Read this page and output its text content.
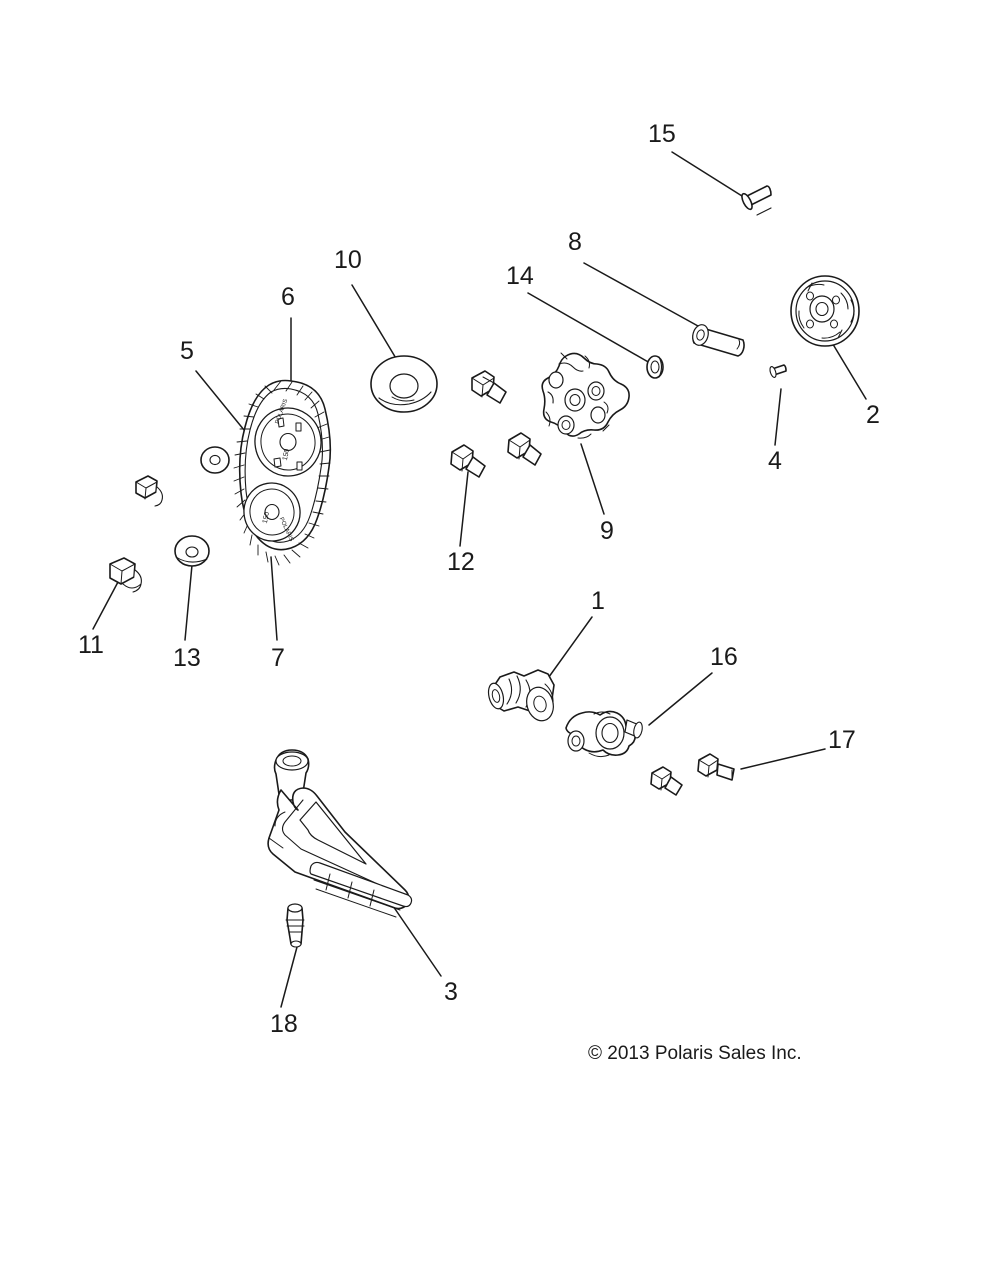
150
POLARIS
150 POLARIS
15
10
8
14
6
2
5
4
9
12
1
16
11	13	7
17
3
18
© 2013 Polaris Sales Inc.
